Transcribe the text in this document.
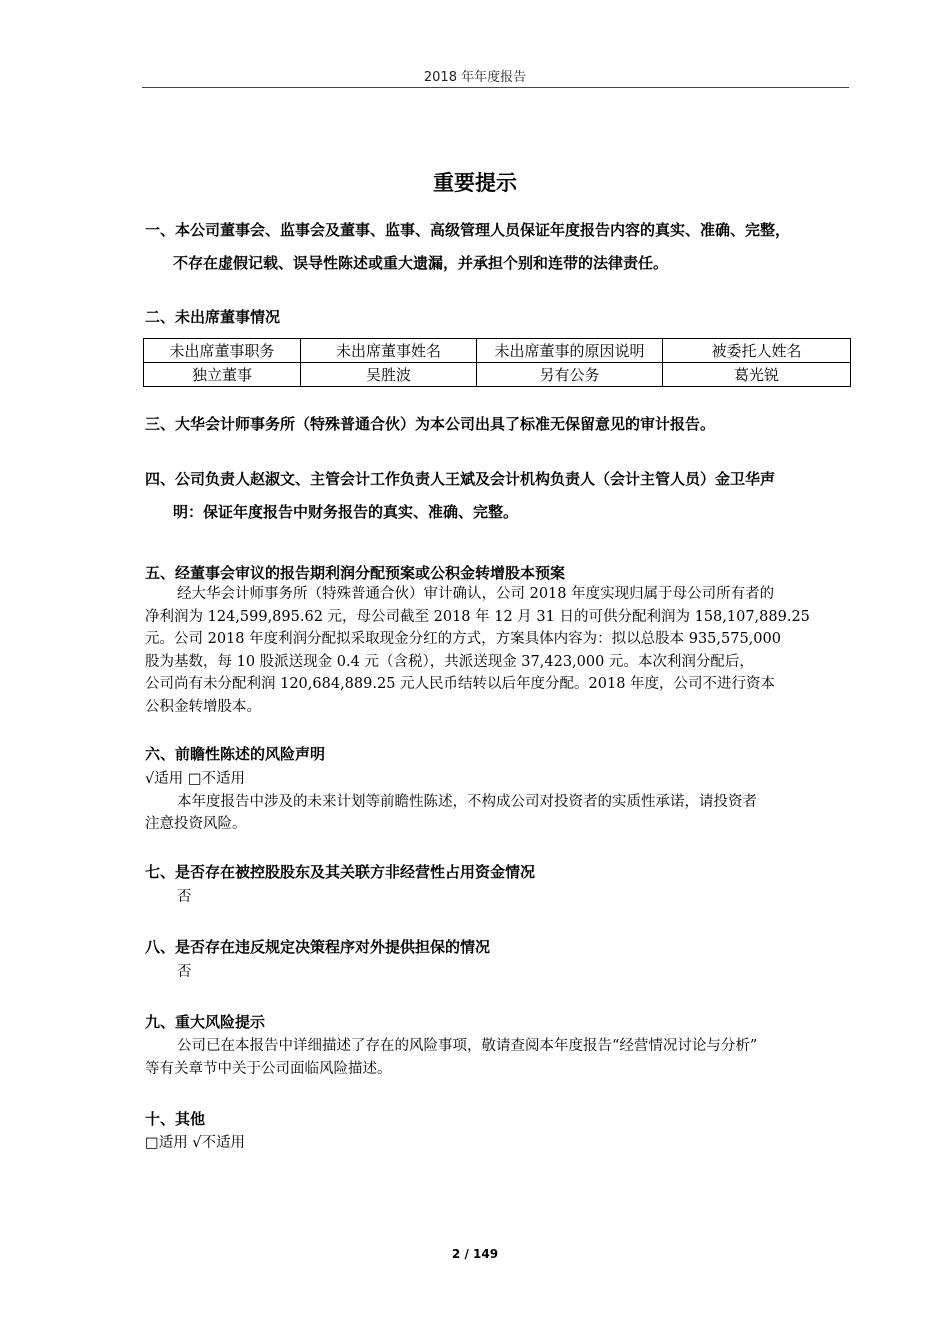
2018 年年度报告
重要提示
一、本公司董事会、监事会及董事、监事、高级管理人员保证年度报告内容的真实、准确、完整，
不存在虚假记载、误导性陈述或重大遗漏，并承担个别和连带的法律责任。
二、未出席董事情况
未出席董事职务	未出席董事姓名	未出席董事的原因说明	被委托人姓名
独立董事	吴胜波	另有公务	葛光锐
三、大华会计师事务所（特殊普通合伙）为本公司出具了标准无保留意见的审计报告。
四、公司负责人赵淑文、主管会计工作负责人王斌及会计机构负责人（会计主管人员）金卫华声
明：保证年度报告中财务报告的真实、准确、完整。
五、经董事会审议的报告期利润分配预案或公积金转增股本预案
经大华会计师事务所（特殊普通合伙）审计确认，公司 2018 年度实现归属于母公司所有者的
净利润为 124,599,895.62 元，母公司截至 2018 年 12 月 31 日的可供分配利润为 158,107,889.25
元。公司 2018 年度利润分配拟采取现金分红的方式，方案具体内容为：拟以总股本 935,575,000
股为基数，每 10 股派送现金 0.4 元（含税），共派送现金 37,423,000 元。本次利润分配后，
公司尚有未分配利润 120,684,889.25 元人民币结转以后年度分配。2018 年度，公司不进行资本
公积金转增股本。
六、前瞻性陈述的风险声明
√适用 □不适用
本年度报告中涉及的未来计划等前瞻性陈述，不构成公司对投资者的实质性承诺，请投资者
注意投资风险。
七、是否存在被控股股东及其关联方非经营性占用资金情况
否
八、是否存在违反规定决策程序对外提供担保的情况
否
九、重大风险提示
公司已在本报告中详细描述了存在的风险事项，敬请查阅本年度报告“经营情况讨论与分析”
等有关章节中关于公司面临风险描述。
十、其他
□适用 √不适用
2 / 149
